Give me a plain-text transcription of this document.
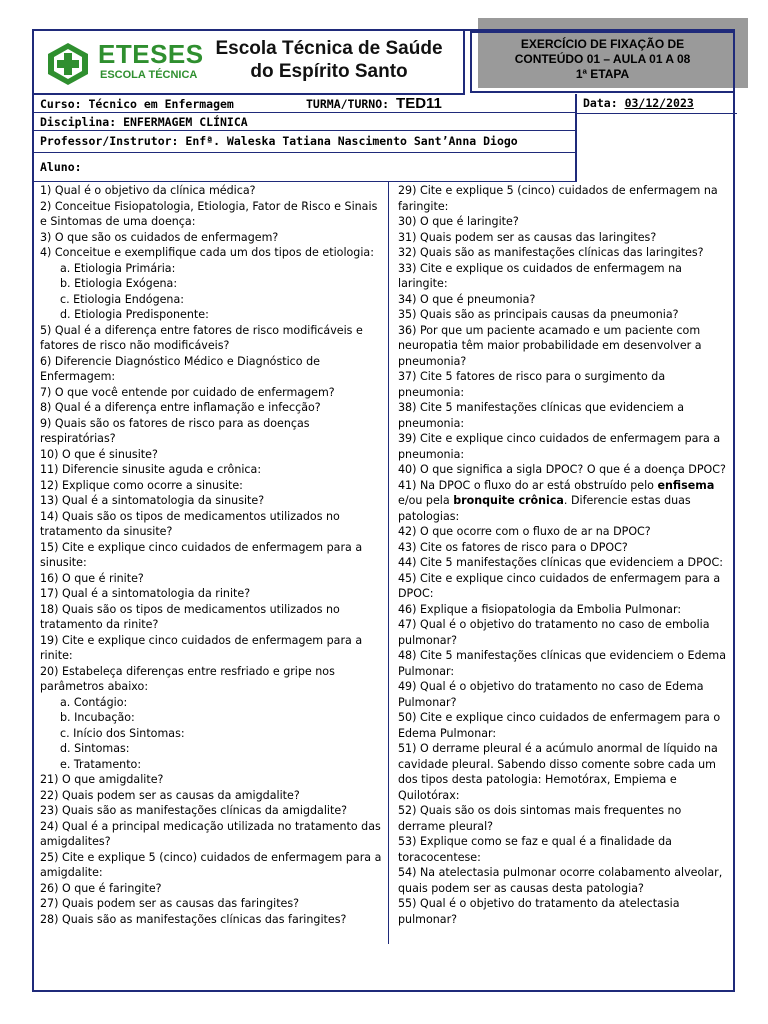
ETESES
ESCOLA TÉCNICA
Escola Técnica de Saúde
do Espírito Santo
EXERCÍCIO DE FIXAÇÃO DE
CONTEÚDO 01 – AULA 01 A 08
1ª ETAPA
Curso: Técnico em Enfermagem	TURMA/TURNO: TED11
Disciplina: ENFERMAGEM CLÍNICA
Professor/Instrutor: Enfª. Waleska Tatiana Nascimento Sant’Anna Diogo
Aluno:
Data: 03/12/2023

1) Qual é o objetivo da clínica médica?

2) Conceitue Fisiopatologia, Etiologia, Fator de Risco e Sinais e Sintomas de uma doença:

3) O que são os cuidados de enfermagem?

4) Conceitue e exemplifique cada um dos tipos de etiologia:

a. Etiologia Primária:

b. Etiologia Exógena:

c. Etiologia Endógena:

d. Etiologia Predisponente:

5) Qual é a diferença entre fatores de risco modificáveis e fatores de risco não modificáveis?

6) Diferencie Diagnóstico Médico e Diagnóstico de Enfermagem:

7) O que você entende por cuidado de enfermagem?

8) Qual é a diferença entre inflamação e infecção?

9) Quais são os fatores de risco para as doenças respiratórias?

10) O que é sinusite?

11) Diferencie sinusite aguda e crônica:

12) Explique como ocorre a sinusite:

13) Qual é a sintomatologia da sinusite?

14) Quais são os tipos de medicamentos utilizados no tratamento da sinusite?

15) Cite e explique cinco cuidados de enfermagem para a sinusite:

16) O que é rinite?

17) Qual é a sintomatologia da rinite?

18) Quais são os tipos de medicamentos utilizados no tratamento da rinite?

19) Cite e explique cinco cuidados de enfermagem para a rinite:

20) Estabeleça diferenças entre resfriado e gripe nos parâmetros abaixo:

a. Contágio:

b. Incubação:

c. Início dos Sintomas:

d. Sintomas:

e. Tratamento:

21) O que amigdalite?

22) Quais podem ser as causas da amigdalite?

23) Quais são as manifestações clínicas da amigdalite?

24) Qual é a principal medicação utilizada no tratamento das amigdalites?

25) Cite e explique 5 (cinco) cuidados de enfermagem para a amigdalite:

26) O que é faringite?

27) Quais podem ser as causas das faringites?

28) Quais são as manifestações clínicas das faringites?

29) Cite e explique 5 (cinco) cuidados de enfermagem na faringite:

30) O que é laringite?

31) Quais podem ser as causas das laringites?

32) Quais são as manifestações clínicas das laringites?

33) Cite e explique os cuidados de enfermagem na laringite:

34) O que é pneumonia?

35) Quais são as principais causas da pneumonia?

36) Por que um paciente acamado e um paciente com neuropatia têm maior probabilidade em desenvolver a pneumonia?

37) Cite 5 fatores de risco para o surgimento da pneumonia:

38) Cite 5 manifestações clínicas que evidenciem a pneumonia:

39) Cite e explique cinco cuidados de enfermagem para a pneumonia:

40) O que significa a sigla DPOC? O que é a doença DPOC?

41) Na DPOC o fluxo do ar está obstruído pelo enfisema e/ou pela bronquite crônica. Diferencie estas duas patologias:

42) O que ocorre com o fluxo de ar na DPOC?

43) Cite os fatores de risco para o DPOC?

44) Cite 5 manifestações clínicas que evidenciem a DPOC:

45) Cite e explique cinco cuidados de enfermagem para a DPOC:

46) Explique a fisiopatologia da Embolia Pulmonar:

47) Qual é o objetivo do tratamento no caso de embolia pulmonar?

48) Cite 5 manifestações clínicas que evidenciem o Edema Pulmonar:

49) Qual é o objetivo do tratamento no caso de Edema Pulmonar?

50) Cite e explique cinco cuidados de enfermagem para o Edema Pulmonar:

51) O derrame pleural é a acúmulo anormal de líquido na cavidade pleural. Sabendo disso comente sobre cada um dos tipos desta patologia: Hemotórax, Empiema e Quilotórax:

52) Quais são os dois sintomas mais frequentes no derrame pleural?

53) Explique como se faz e qual é a finalidade da toracocentese:

54) Na atelectasia pulmonar ocorre colabamento alveolar, quais podem ser as causas desta patologia?

55) Qual é o objetivo do tratamento da atelectasia pulmonar?
